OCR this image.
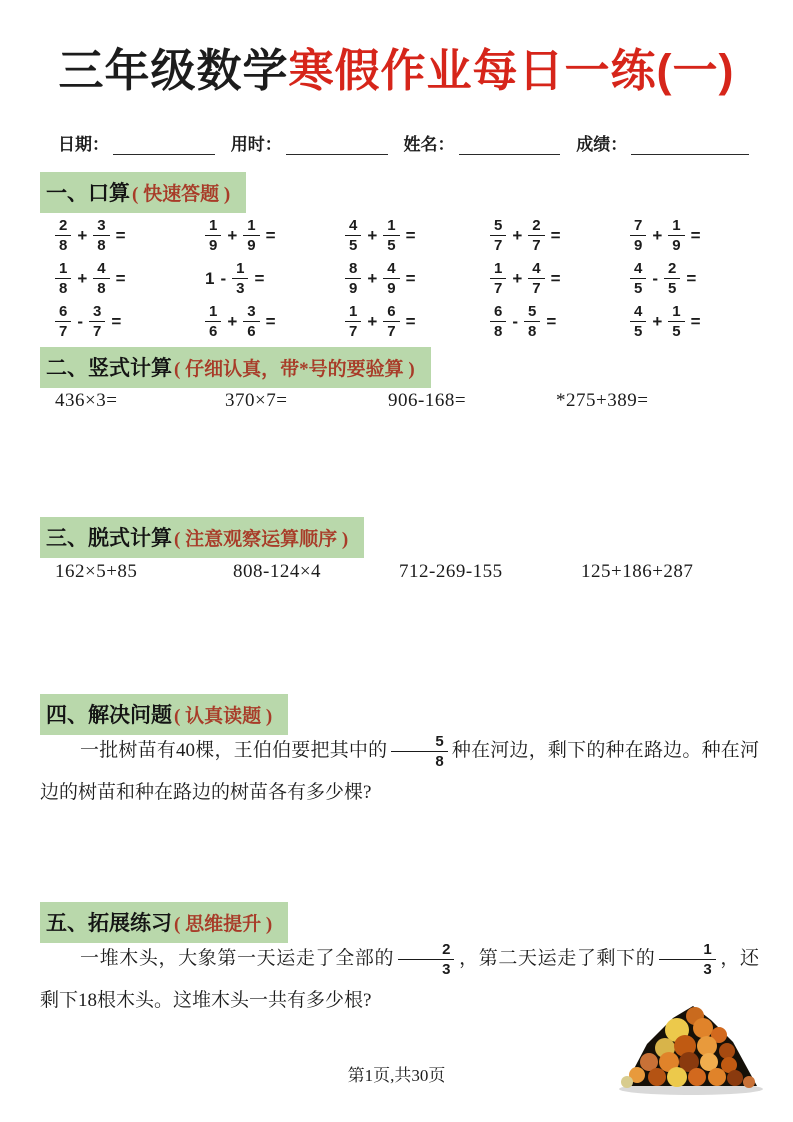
三年级数学寒假作业每日一练(一)
日期：	用时：	姓名：	成绩：
一、口算 ( 快速答题 )
$\frac{2}{8} + \frac{3}{8}$ =	$\frac{1}{9} + \frac{1}{9}$ =	$\frac{4}{5} + \frac{1}{5}$ =	$\frac{5}{7} + \frac{2}{7}$ =	$\frac{7}{9} + \frac{1}{9}$ =
$\frac{1}{8} + \frac{4}{8}$ =	$1 - \frac{1}{3}$ =	$\frac{8}{9} + \frac{4}{9}$ =	$\frac{1}{7} + \frac{4}{7}$ =	$\frac{4}{5} - \frac{2}{5}$ =
$\frac{6}{7} - \frac{3}{7}$ =	$\frac{1}{6} + \frac{3}{6}$ =	$\frac{1}{7} + \frac{6}{7}$ =	$\frac{6}{8} - \frac{5}{8}$ =	$\frac{4}{5} + \frac{1}{5}$ =
二、竖式计算 ( 仔细认真，带*号的要验算 )
436×3=	370×7=	906-168=	*275+389=
三、脱式计算 ( 注意观察运算顺序 )
162×5+85	808-124×4	712-269-155	125+186+287
四、解决问题 ( 认真读题 )

一批树苗有40棵，王伯伯要把其中的 $\frac{5}{8}$ 种在河边，剩下的种在路边。种在河边的树苗和种在路边的树苗各有多少棵?

五、拓展练习 ( 思维提升 )

一堆木头，大象第一天运走了全部的 $\frac{2}{3}$ ，第二天运走了剩下的 $\frac{1}{3}$ ，还剩下18根木头。这堆木头一共有多少根?

第1页,共30页
